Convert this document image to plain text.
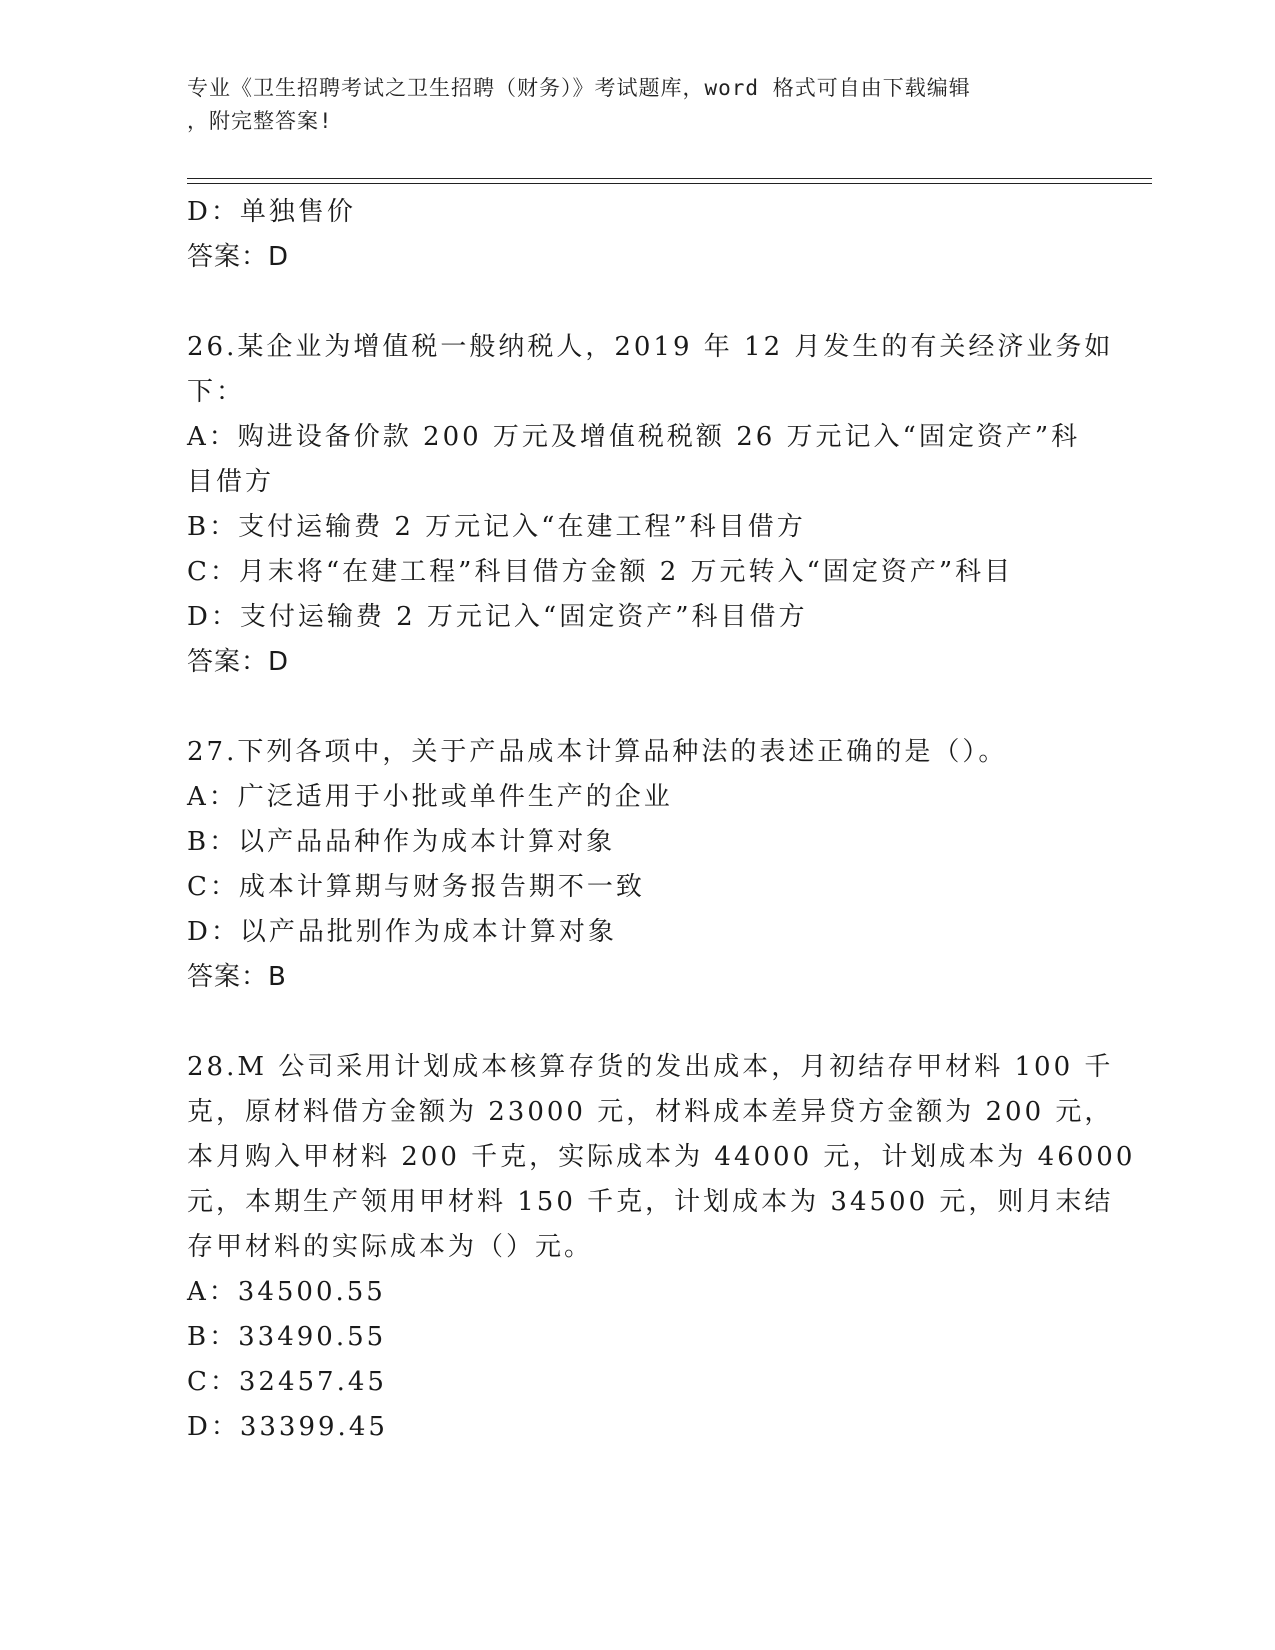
专业《卫生招聘考试之卫生招聘（财务）》考试题库，word 格式可自由下载编辑
，附完整答案!
D：单独售价
答案：D
26.某企业为增值税一般纳税人，2019 年 12 月发生的有关经济业务如
下：
A：购进设备价款 200 万元及增值税税额 26 万元记入“固定资产”科
目借方
B：支付运输费 2 万元记入“在建工程”科目借方
C：月末将“在建工程”科目借方金额 2 万元转入“固定资产”科目
D：支付运输费 2 万元记入“固定资产”科目借方
答案：D
27.下列各项中，关于产品成本计算品种法的表述正确的是（）。
A：广泛适用于小批或单件生产的企业
B：以产品品种作为成本计算对象
C：成本计算期与财务报告期不一致
D：以产品批别作为成本计算对象
答案：B
28.M 公司采用计划成本核算存货的发出成本，月初结存甲材料 100 千
克，原材料借方金额为 23000 元，材料成本差异贷方金额为 200 元，
本月购入甲材料 200 千克，实际成本为 44000 元，计划成本为 46000
元，本期生产领用甲材料 150 千克，计划成本为 34500 元，则月末结
存甲材料的实际成本为（）元。
A：34500.55
B：33490.55
C：32457.45
D：33399.45
